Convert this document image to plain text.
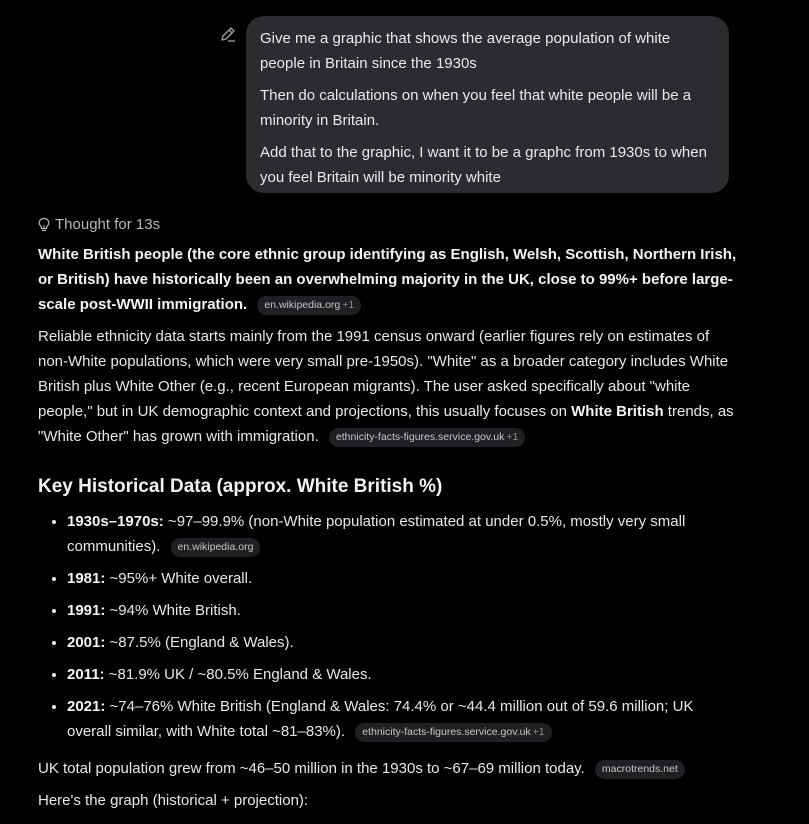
Give me a graphic that shows the average population of white people in Britain since the 1930s

Then do calculations on when you feel that white people will be a minority in Britain.

Add that to the graphic, I want it to be a graphc from 1930s to when you feel Britain will be minority white

Thought for 13s

White British people (the core ethnic group identifying as English, Welsh, Scottish, Northern Irish, or British) have historically been an overwhelming majority in the UK, close to 99%+ before large-scale post-WWII immigration. en.wikipedia.org +1

Reliable ethnicity data starts mainly from the 1991 census onward (earlier figures rely on estimates of non-White populations, which were very small pre-1950s). "White" as a broader category includes White British plus White Other (e.g., recent European migrants). The user asked specifically about "white people," but in UK demographic context and projections, this usually focuses on White British trends, as "White Other" has grown with immigration. ethnicity-facts-figures.service.gov.uk +1

Key Historical Data (approx. White British %)
• 1930s–1970s: ~97–99.9% (non-White population estimated at under 0.5%, mostly very small communities). en.wikipedia.org
• 1981: ~95%+ White overall.
• 1991: ~94% White British.
• 2001: ~87.5% (England & Wales).
• 2011: ~81.9% UK / ~80.5% England & Wales.
• 2021: ~74–76% White British (England & Wales: 74.4% or ~44.4 million out of 59.6 million; UK overall similar, with White total ~81–83%). ethnicity-facts-figures.service.gov.uk +1

UK total population grew from ~46–50 million in the 1930s to ~67–69 million today. macrotrends.net

Here's the graph (historical + projection):
